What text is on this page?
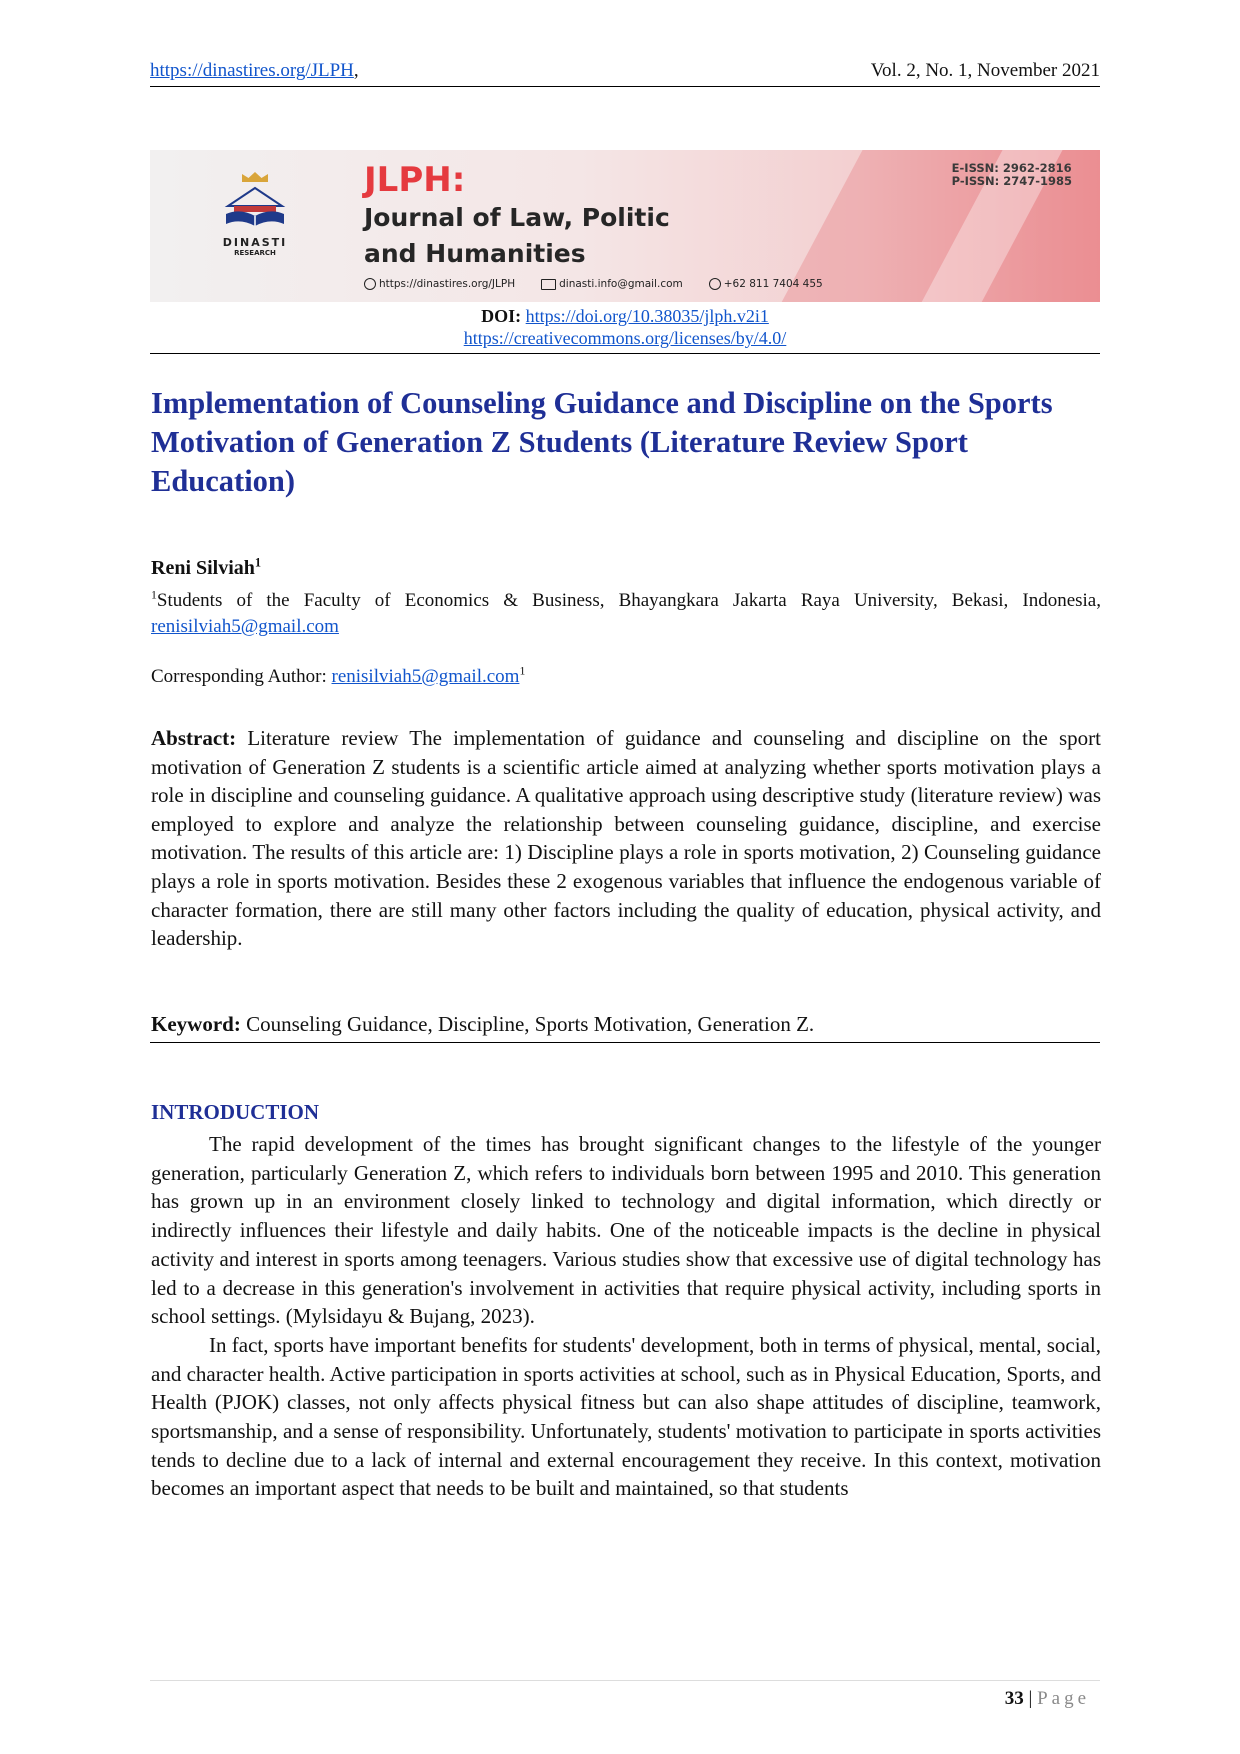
https://dinastires.org/JLPH,	Vol. 2, No. 1, November 2021
DINASTI
RESEARCH
JLPH:
Journal of Law, Politic
and Humanities
E-ISSN: 2962-2816
P-ISSN: 2747-1985
https://dinastires.org/JLPH	dinasti.info@gmail.com	+62 811 7404 455
DOI: https://doi.org/10.38035/jlph.v2i1
https://creativecommons.org/licenses/by/4.0/
Implementation of Counseling Guidance and Discipline on the Sports Motivation of Generation Z Students (Literature Review Sport Education)
Reni Silviah$^1$
$^1$Students of the Faculty of Economics & Business, Bhayangkara Jakarta Raya University, Bekasi, Indonesia, renisilviah5@gmail.com
Corresponding Author: renisilviah5@gmail.com$^1$

Abstract: Literature review The implementation of guidance and counseling and discipline on the sport motivation of Generation Z students is a scientific article aimed at analyzing whether sports motivation plays a role in discipline and counseling guidance. A qualitative approach using descriptive study (literature review) was employed to explore and analyze the relationship between counseling guidance, discipline, and exercise motivation. The results of this article are: 1) Discipline plays a role in sports motivation, 2) Counseling guidance plays a role in sports motivation. Besides these 2 exogenous variables that influence the endogenous variable of character formation, there are still many other factors including the quality of education, physical activity, and leadership.

Keyword: Counseling Guidance, Discipline, Sports Motivation, Generation Z.
INTRODUCTION

The rapid development of the times has brought significant changes to the lifestyle of the younger generation, particularly Generation Z, which refers to individuals born between 1995 and 2010. This generation has grown up in an environment closely linked to technology and digital information, which directly or indirectly influences their lifestyle and daily habits. One of the noticeable impacts is the decline in physical activity and interest in sports among teenagers. Various studies show that excessive use of digital technology has led to a decrease in this generation's involvement in activities that require physical activity, including sports in school settings. (Mylsidayu & Bujang, 2023).

In fact, sports have important benefits for students' development, both in terms of physical, mental, social, and character health. Active participation in sports activities at school, such as in Physical Education, Sports, and Health (PJOK) classes, not only affects physical fitness but can also shape attitudes of discipline, teamwork, sportsmanship, and a sense of responsibility. Unfortunately, students' motivation to participate in sports activities tends to decline due to a lack of internal and external encouragement they receive. In this context, motivation becomes an important aspect that needs to be built and maintained, so that students

33 | Page
